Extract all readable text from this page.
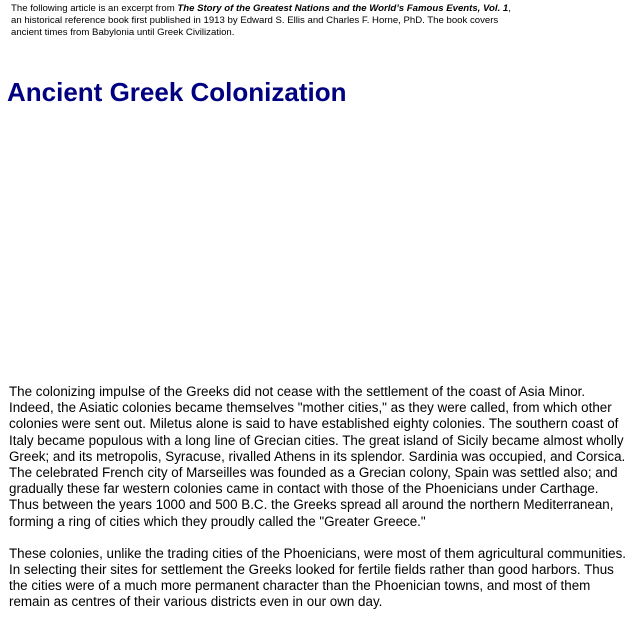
The following article is an excerpt from The Story of the Greatest Nations and the World’s Famous Events, Vol. 1, an historical reference book first published in 1913 by Edward S. Ellis and Charles F. Horne, PhD. The book covers ancient times from Babylonia until Greek Civilization.
Ancient Greek Colonization

The colonizing impulse of the Greeks did not cease with the settlement of the coast of Asia Minor. Indeed, the Asiatic colonies became themselves "mother cities," as they were called, from which other colonies were sent out. Miletus alone is said to have established eighty colonies. The southern coast of Italy became populous with a long line of Grecian cities. The great island of Sicily became almost wholly Greek; and its metropolis, Syracuse, rivalled Athens in its splendor. Sardinia was occupied, and Corsica. The celebrated French city of Marseilles was founded as a Grecian colony, Spain was settled also; and gradually these far western colonies came in contact with those of the Phoenicians under Carthage. Thus between the years 1000 and 500 B.C. the Greeks spread all around the northern Mediterranean, forming a ring of cities which they proudly called the "Greater Greece."

These colonies, unlike the trading cities of the Phoenicians, were most of them agricultural communities. In selecting their sites for settlement the Greeks looked for fertile fields rather than good harbors. Thus the cities were of a much more permanent character than the Phoenician towns, and most of them remain as centres of their various districts even in our own day.
